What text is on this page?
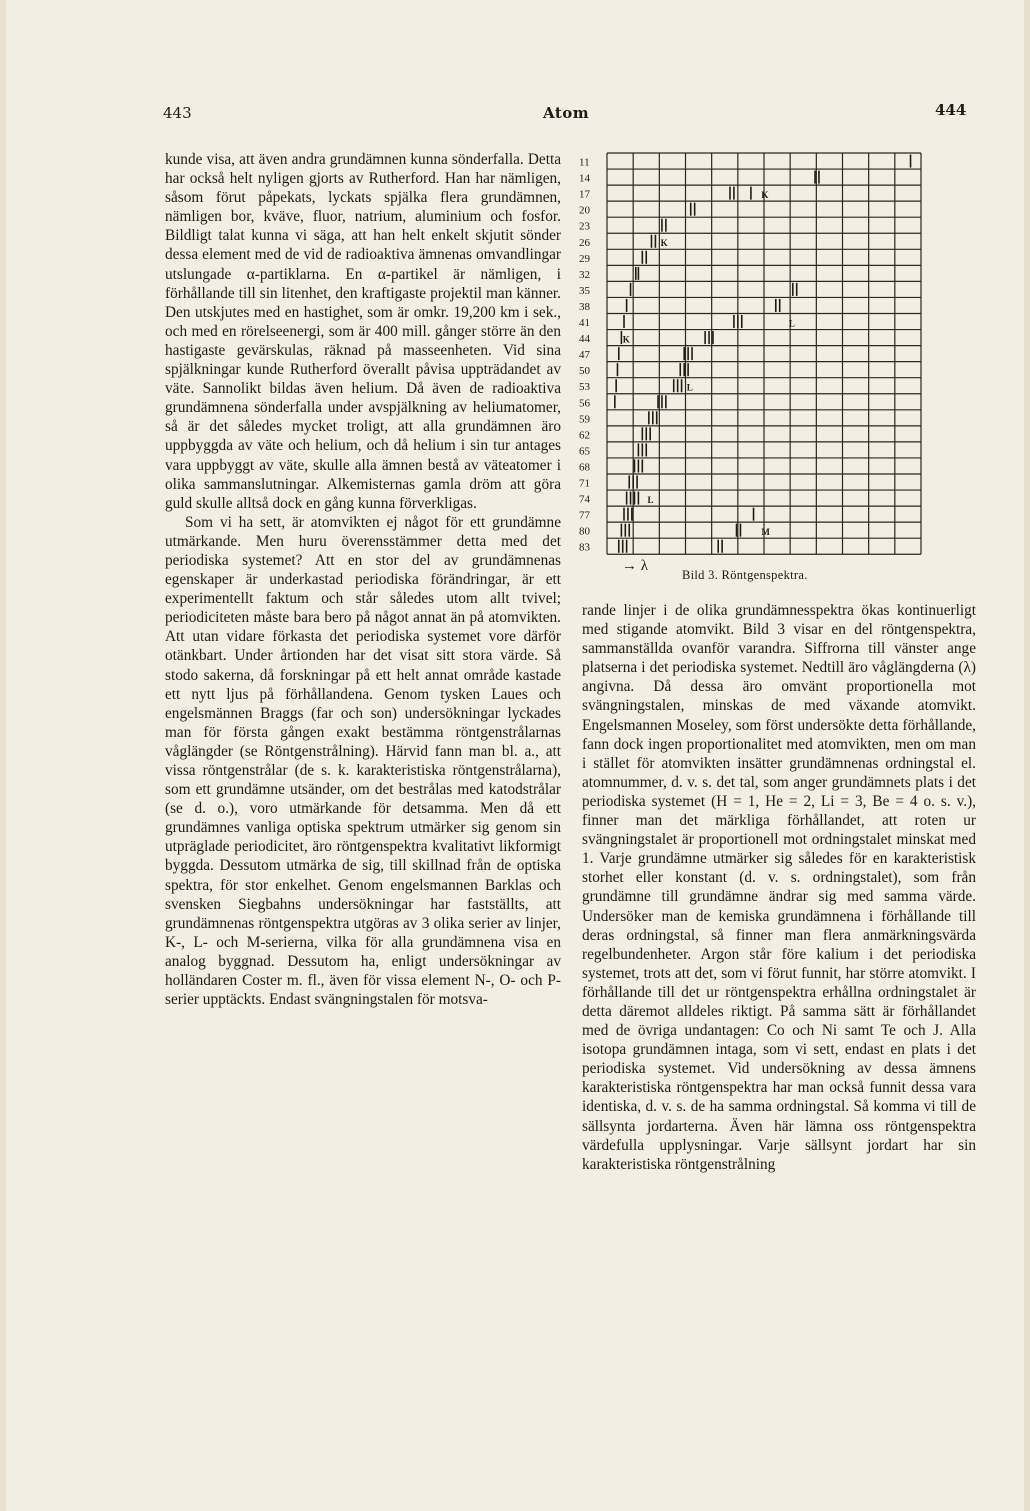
443	Atom	444

kunde visa, att även andra grundämnen kunna sönderfalla. Detta har också helt nyligen gjorts av Rutherford. Han har nämligen, såsom förut påpekats, lyckats spjälka flera grundämnen, nämligen bor, kväve, fluor, natrium, aluminium och fosfor. Bildligt talat kunna vi säga, att han helt enkelt skjutit sönder dessa element med de vid de radioaktiva ämnenas omvandlingar utslungade α-partiklarna. En α-partikel är nämligen, i förhållande till sin litenhet, den kraftigaste projektil man känner. Den utskjutes med en hastighet, som är omkr. 19,200 km i sek., och med en rörelseenergi, som är 400 mill. gånger större än den hastigaste gevärskulas, räknad på masseenheten. Vid sina spjälkningar kunde Rutherford överallt påvisa uppträdandet av väte. Sannolikt bildas även helium. Då även de radioaktiva grundämnena sönderfalla under avspjälkning av heliumatomer, så är det således mycket troligt, att alla grundämnen äro uppbyggda av väte och helium, och då helium i sin tur antages vara uppbyggt av väte, skulle alla ämnen bestå av väteatomer i olika sammanslutningar. Alkemisternas gamla dröm att göra guld skulle alltså dock en gång kunna förverkligas.

Som vi ha sett, är atomvikten ej något för ett grundämne utmärkande. Men huru överensstämmer detta med det periodiska systemet? Att en stor del av grundämnenas egenskaper är underkastad periodiska förändringar, är ett experimentellt faktum och står således utom allt tvivel; periodiciteten måste bara bero på något annat än på atomvikten. Att utan vidare förkasta det periodiska systemet vore därför otänkbart. Under årtionden har det visat sitt stora värde. Så stodo sakerna, då forskningar på ett helt annat område kastade ett nytt ljus på förhållandena. Genom tysken Laues och engelsmännen Braggs (far och son) undersökningar lyckades man för första gången exakt bestämma röntgenstrålarnas våglängder (se Röntgenstrålning). Härvid fann man bl. a., att vissa röntgenstrålar (de s. k. karakteristiska röntgenstrålarna), som ett grundämne utsänder, om det bestrålas med katodstrålar (se d. o.), voro utmärkande för detsamma. Men då ett grundämnes vanliga optiska spektrum utmärker sig genom sin utpräglade periodicitet, äro röntgenspektra kvalitativt likformigt byggda. Dessutom utmärka de sig, till skillnad från de optiska spektra, för stor enkelhet. Genom engelsmannen Barklas och svensken Siegbahns undersökningar har fastställts, att grundämnenas röntgenspektra utgöras av 3 olika serier av linjer, K-, L- och M-serierna, vilka för alla grundämnena visa en analog byggnad. Dessutom ha, enligt undersökningar av holländaren Coster m. fl., även för vissa element N-, O- och P-serier upptäckts. Endast svängningstalen för motsva-

11
14
17
20
23
26
29
32
35
38
41
44
47
50
53
56
59
62
65
68
71
74
77
80
83
K
K
L
K
L
L
M
→ λ
Bild 3. Röntgenspektra.

rande linjer i de olika grundämnesspektra ökas kontinuerligt med stigande atomvikt. Bild 3 visar en del röntgenspektra, sammanställda ovanför varandra. Siffrorna till vänster ange platserna i det periodiska systemet. Nedtill äro våglängderna (λ) angivna. Då dessa äro omvänt proportionella mot svängningstalen, minskas de med växande atomvikt. Engelsmannen Moseley, som först undersökte detta förhållande, fann dock ingen proportionalitet med atomvikten, men om man i stället för atomvikten insätter grundämnenas ordningstal el. atomnummer, d. v. s. det tal, som anger grundämnets plats i det periodiska systemet (H = 1, He = 2, Li = 3, Be = 4 o. s. v.), finner man det märkliga förhållandet, att roten ur svängningstalet är proportionell mot ordningstalet minskat med 1. Varje grundämne utmärker sig således för en karakteristisk storhet eller konstant (d. v. s. ordningstalet), som från grundämne till grundämne ändrar sig med samma värde. Undersöker man de kemiska grundämnena i förhållande till deras ordningstal, så finner man flera anmärkningsvärda regelbundenheter. Argon står före kalium i det periodiska systemet, trots att det, som vi förut funnit, har större atomvikt. I förhållande till det ur röntgenspektra erhållna ordningstalet är detta däremot alldeles riktigt. På samma sätt är förhållandet med de övriga undantagen: Co och Ni samt Te och J. Alla isotopa grundämnen intaga, som vi sett, endast en plats i det periodiska systemet. Vid undersökning av dessa ämnens karakteristiska röntgenspektra har man också funnit dessa vara identiska, d. v. s. de ha samma ordningstal. Så komma vi till de sällsynta jordarterna. Även här lämna oss röntgenspektra värdefulla upplysningar. Varje sällsynt jordart har sin karakteristiska röntgenstrålning
